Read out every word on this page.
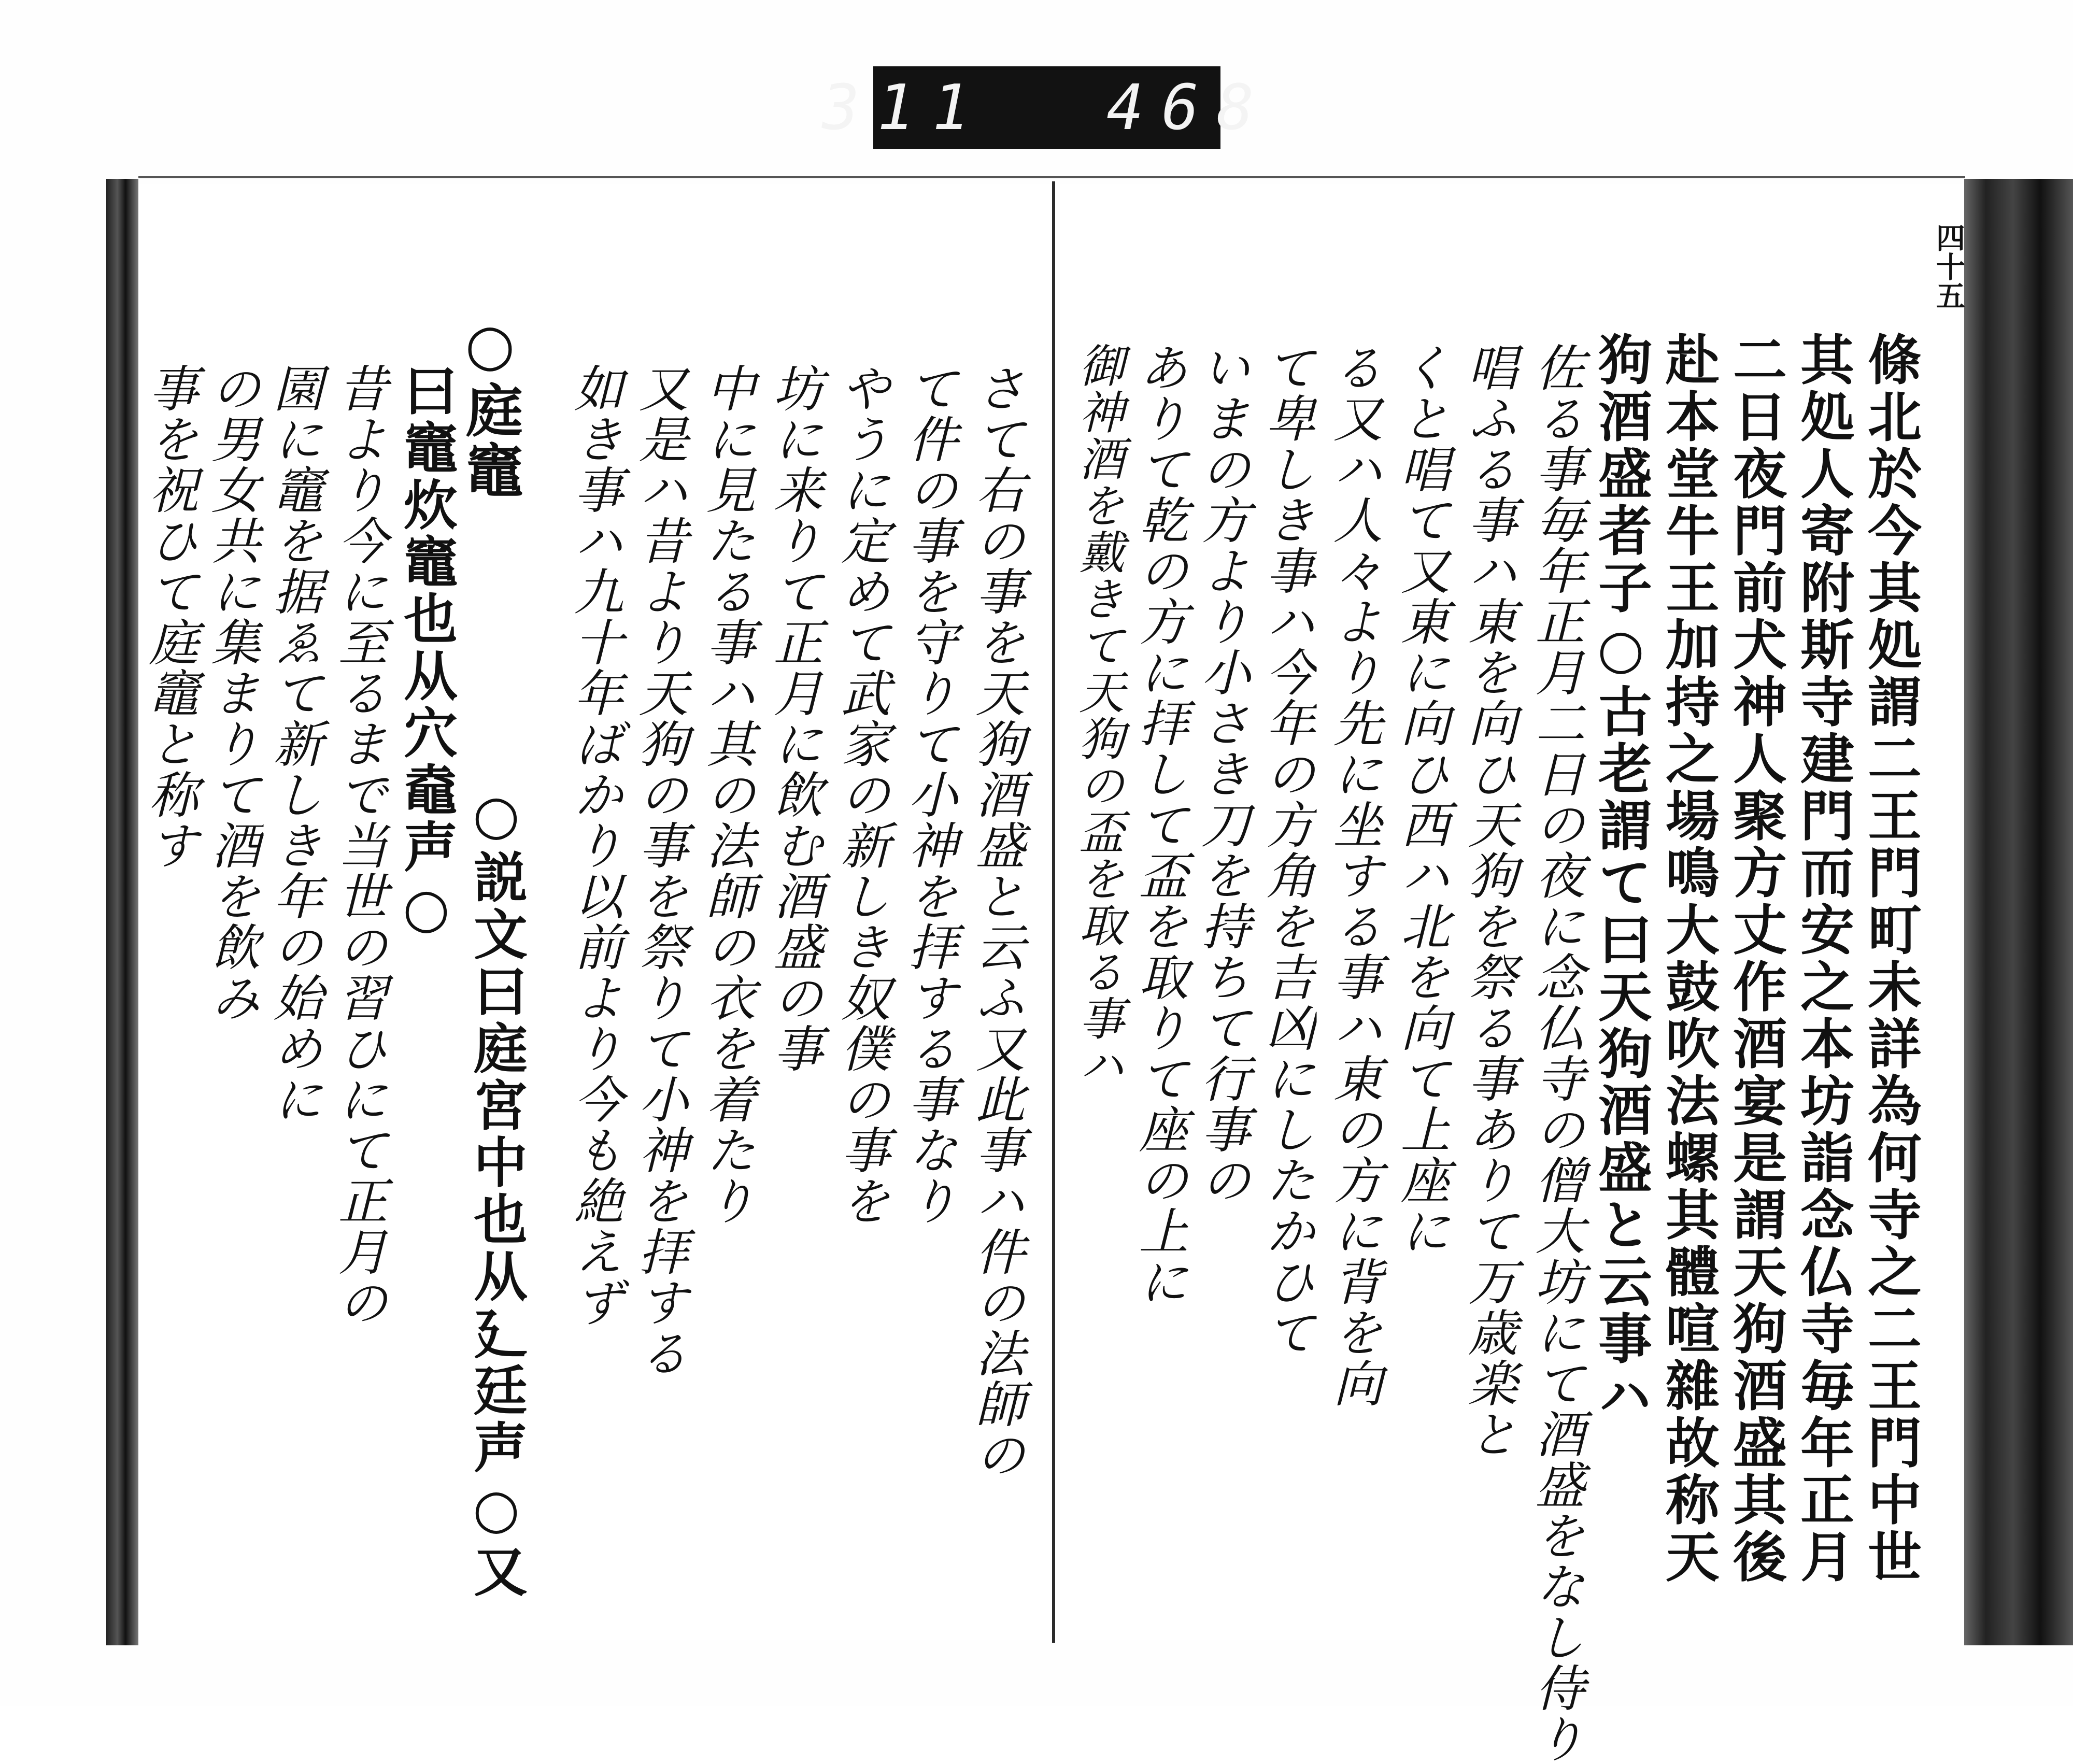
311 468
四十五
條北於今其処謂二王門町未詳為何寺之二王門中世
其処人寄附斯寺建門而安之本坊詣念仏寺毎年正月
二日夜門前犬神人聚方丈作酒宴是謂天狗酒盛其後
赴本堂牛王加持之場鳴大鼓吹法螺其體喧雜故称天
狗酒盛者子○古老謂て曰天狗酒盛と云事ハ
佐る事毎年正月二日の夜に念仏寺の僧大坊にて酒盛をなし侍り
唱ふる事ハ東を向ひ天狗を祭る事ありて万歳楽と
くと唱て又東に向ひ西ハ北を向て上座に
る又ハ人々より先に坐する事ハ東の方に背を向
て卑しき事ハ今年の方角を吉凶にしたかひて
いまの方より小さき刀を持ちて行事の
ありて乾の方に拝して盃を取りて座の上に
御神酒を戴きて天狗の盃を取る事ハ
さて右の事を天狗酒盛と云ふ又此事ハ件の法師の
て件の事を守りて小神を拝する事なり
やうに定めて武家の新しき奴僕の事を
坊に来りて正月に飲む酒盛の事
中に見たる事ハ其の法師の衣を着たり
又是ハ昔より天狗の事を祭りて小神を拝する
如き事ハ九十年ばかり以前より今も絶えず
○説文曰庭宮中也从廴廷声○又
○庭竈
曰竈炊竈也从穴鼀声○
昔より今に至るまで当世の習ひにて正月の
園に竈を据ゑて新しき年の始めに
の男女共に集まりて酒を飲み
事を祝ひて庭竈と称す
